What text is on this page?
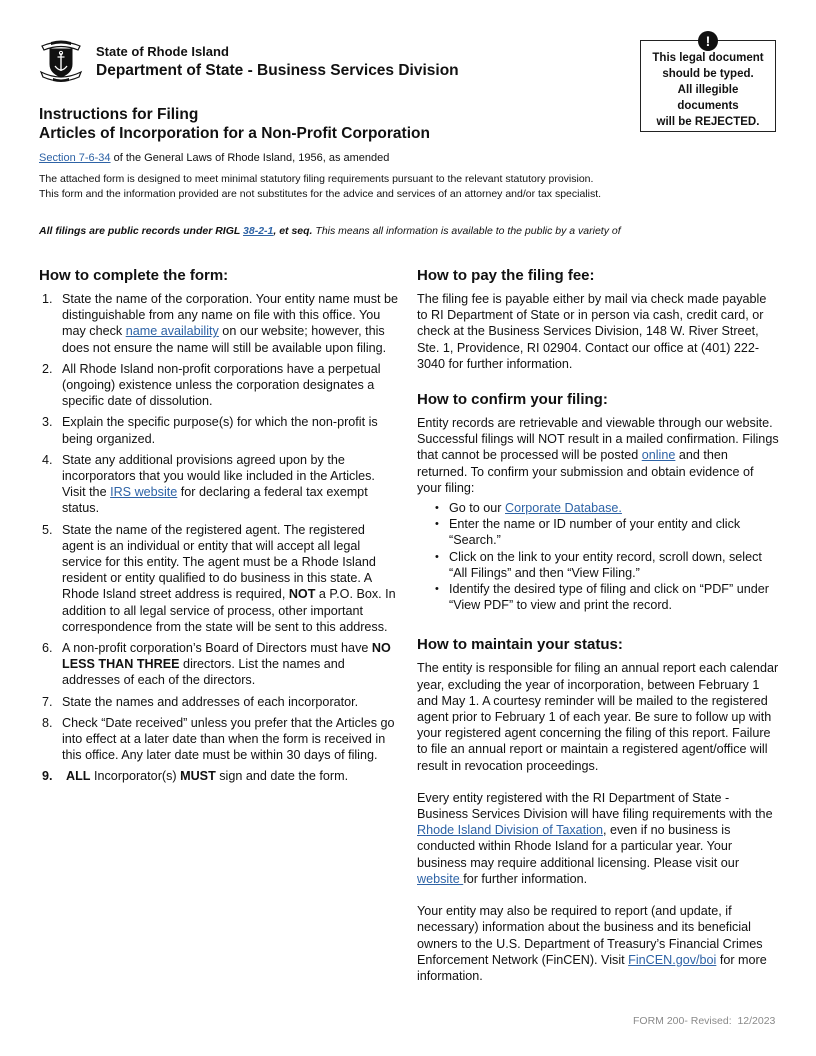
State of Rhode Island
Department of State - Business Services Division
!
This legal document
should be typed.
All illegible
documents
will be REJECTED.
Instructions for Filing
Articles of Incorporation for a Non-Profit Corporation
Section 7-6-34 of the General Laws of Rhode Island, 1956, as amended
The attached form is designed to meet minimal statutory filing requirements pursuant to the relevant statutory provision.
This form and the information provided are not substitutes for the advice and services of an attorney and/or tax specialist.
All filings are public records under RIGL 38-2-1, et seq. This means all information is available to the public by a variety of
How to complete the form:
1. State the name of the corporation. Your entity name must be distinguishable from any name on file with this office. You may check name availability on our website; however, this does not ensure the name will still be available upon filing.
2. All Rhode Island non-profit corporations have a perpetual (ongoing) existence unless the corporation designates a specific date of dissolution.
3. Explain the specific purpose(s) for which the non-profit is being organized.
4. State any additional provisions agreed upon by the incorporators that you would like included in the Articles. Visit the IRS website for declaring a federal tax exempt status.
5. State the name of the registered agent. The registered agent is an individual or entity that will accept all legal service for this entity. The agent must be a Rhode Island resident or entity qualified to do business in this state. A Rhode Island street address is required, NOT a P.O. Box. In addition to all legal service of process, other important correspondence from the state will be sent to this address.
6. A non-profit corporation’s Board of Directors must have NO LESS THAN THREE directors. List the names and addresses of each of the directors.
7. State the names and addresses of each incorporator.
8. Check “Date received” unless you prefer that the Articles go into effect at a later date than when the form is received in this office. Any later date must be within 30 days of filing.
9. ALL Incorporator(s) MUST sign and date the form.
How to pay the filing fee:

The filing fee is payable either by mail via check made payable to RI Department of State or in person via cash, credit card, or check at the Business Services Division, 148 W. River Street, Ste. 1, Providence, RI 02904. Contact our office at (401) 222-3040 for further information.

How to confirm your filing:

Entity records are retrievable and viewable through our website. Successful filings will NOT result in a mailed confirmation. Filings that cannot be processed will be posted online and then returned. To confirm your submission and obtain evidence of your filing:

• Go to our Corporate Database.
• Enter the name or ID number of your entity and click “Search.”
• Click on the link to your entity record, scroll down, select “All Filings” and then “View Filing.”
• Identify the desired type of filing and click on “PDF” under “View PDF” to view and print the record.
How to maintain your status:

The entity is responsible for filing an annual report each calendar year, excluding the year of incorporation, between February 1 and May 1. A courtesy reminder will be mailed to the registered agent prior to February 1 of each year. Be sure to follow up with your registered agent concerning the filing of this report. Failure to file an annual report or maintain a registered agent/office will result in revocation proceedings.

Every entity registered with the RI Department of State - Business Services Division will have filing requirements with the Rhode Island Division of Taxation, even if no business is conducted within Rhode Island for a particular year. Your business may require additional licensing. Please visit our website for further information.

Your entity may also be required to report (and update, if necessary) information about the business and its beneficial owners to the U.S. Department of Treasury’s Financial Crimes Enforcement Network (FinCEN). Visit FinCEN.gov/boi for more information.

FORM 200- Revised:  12/2023
